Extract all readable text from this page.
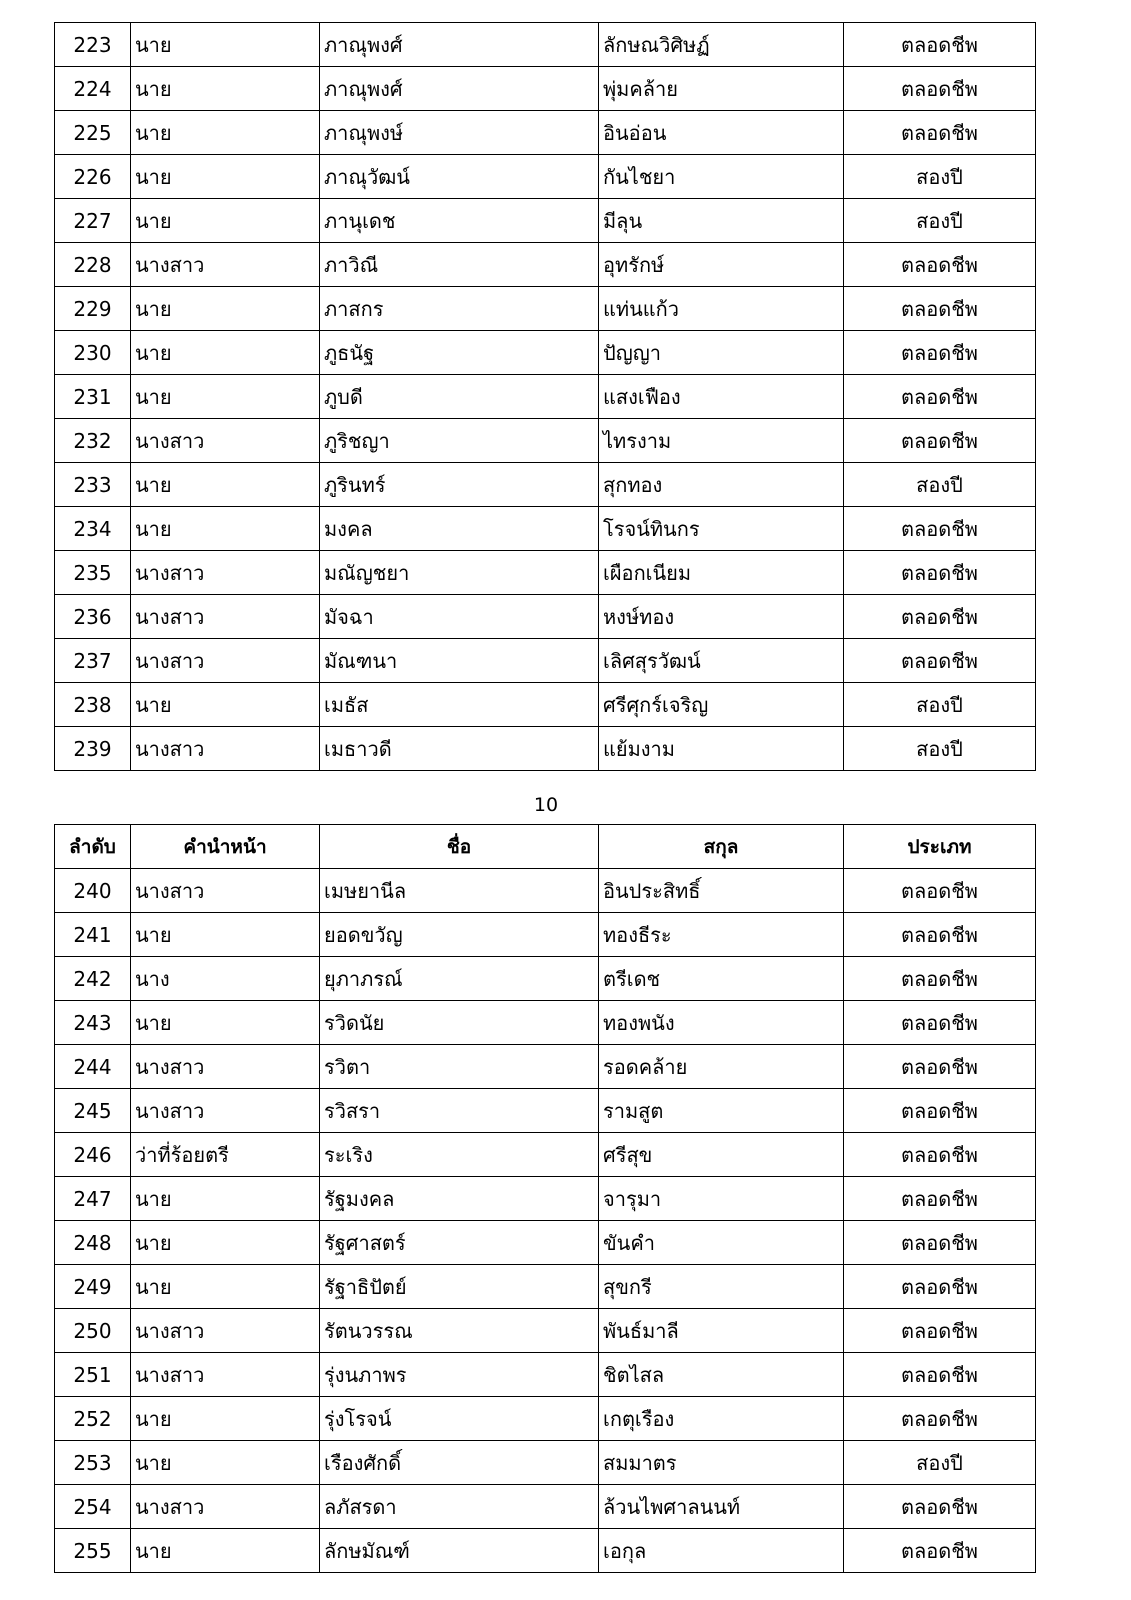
223	นาย	ภาณุพงศ์	ลักษณวิศิษฏ์	ตลอดชีพ
224	นาย	ภาณุพงศ์	พุ่มคล้าย	ตลอดชีพ
225	นาย	ภาณุพงษ์	อินอ่อน	ตลอดชีพ
226	นาย	ภาณุวัฒน์	กันไชยา	สองปี
227	นาย	ภานุเดช	มีลุน	สองปี
228	นางสาว	ภาวิณี	อุทรักษ์	ตลอดชีพ
229	นาย	ภาสกร	แท่นแก้ว	ตลอดชีพ
230	นาย	ภูธนัฐ	ปัญญา	ตลอดชีพ
231	นาย	ภูบดี	แสงเฟือง	ตลอดชีพ
232	นางสาว	ภูริชญา	ไทรงาม	ตลอดชีพ
233	นาย	ภูรินทร์	สุกทอง	สองปี
234	นาย	มงคล	โรจน์ทินกร	ตลอดชีพ
235	นางสาว	มณัญชยา	เผือกเนียม	ตลอดชีพ
236	นางสาว	มัจฉา	หงษ์ทอง	ตลอดชีพ
237	นางสาว	มัณฑนา	เลิศสุรวัฒน์	ตลอดชีพ
238	นาย	เมธัส	ศรีศุกร์เจริญ	สองปี
239	นางสาว	เมธาวดี	แย้มงาม	สองปี
10
ลำดับ	คำนำหน้า	ชื่อ	สกุล	ประเภท
240	นางสาว	เมษยานีล	อินประสิทธิ์	ตลอดชีพ
241	นาย	ยอดขวัญ	ทองธีระ	ตลอดชีพ
242	นาง	ยุภาภรณ์	ตรีเดช	ตลอดชีพ
243	นาย	รวิดนัย	ทองพนัง	ตลอดชีพ
244	นางสาว	รวิตา	รอดคล้าย	ตลอดชีพ
245	นางสาว	รวิสรา	รามสูต	ตลอดชีพ
246	ว่าที่ร้อยตรี	ระเริง	ศรีสุข	ตลอดชีพ
247	นาย	รัฐมงคล	จารุมา	ตลอดชีพ
248	นาย	รัฐศาสตร์	ขันคำ	ตลอดชีพ
249	นาย	รัฐาธิปัตย์	สุขกรี	ตลอดชีพ
250	นางสาว	รัตนวรรณ	พันธ์มาลี	ตลอดชีพ
251	นางสาว	รุ่งนภาพร	ชิตไสล	ตลอดชีพ
252	นาย	รุ่งโรจน์	เกตุเรือง	ตลอดชีพ
253	นาย	เรืองศักดิ์	สมมาตร	สองปี
254	นางสาว	ลภัสรดา	ล้วนไพศาลนนท์	ตลอดชีพ
255	นาย	ลักษมัณฑ์	เอกุล	ตลอดชีพ
